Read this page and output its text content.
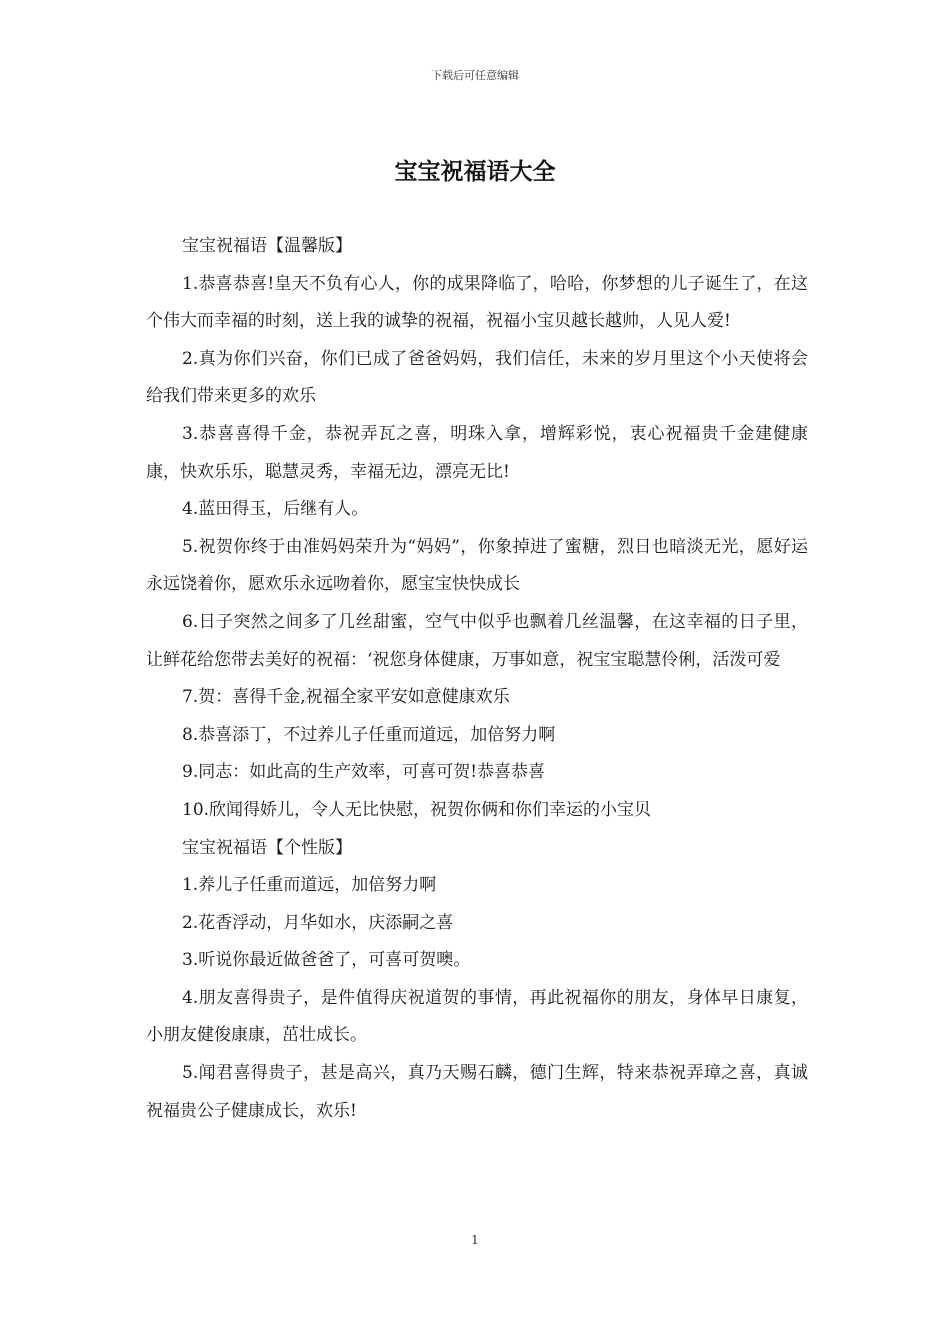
下载后可任意编辑
宝宝祝福语大全

宝宝祝福语【温馨版】

1.恭喜恭喜!皇天不负有心人，你的成果降临了，哈哈，你梦想的儿子诞生了，在这个伟大而幸福的时刻，送上我的诚挚的祝福，祝福小宝贝越长越帅，人见人爱!

2.真为你们兴奋，你们已成了爸爸妈妈，我们信任，未来的岁月里这个小天使将会给我们带来更多的欢乐

3.恭喜喜得千金，恭祝弄瓦之喜，明珠入拿，增辉彩悦，衷心祝福贵千金建健康康，快欢乐乐，聪慧灵秀，幸福无边，漂亮无比!

4.蓝田得玉，后继有人。

5.祝贺你终于由准妈妈荣升为“妈妈”，你象掉进了蜜糖，烈日也暗淡无光，愿好运永远饶着你，愿欢乐永远吻着你，愿宝宝快快成长

6.日子突然之间多了几丝甜蜜，空气中似乎也飘着几丝温馨，在这幸福的日子里，让鲜花给您带去美好的祝福：‘祝您身体健康，万事如意，祝宝宝聪慧伶俐，活泼可爱

7.贺：喜得千金,祝福全家平安如意健康欢乐

8.恭喜添丁，不过养儿子任重而道远，加倍努力啊

9.同志：如此高的生产效率，可喜可贺!恭喜恭喜

10.欣闻得娇儿，令人无比快慰，祝贺你俩和你们幸运的小宝贝

宝宝祝福语【个性版】

1.养儿子任重而道远，加倍努力啊

2.花香浮动，月华如水，庆添嗣之喜

3.听说你最近做爸爸了，可喜可贺噢。

4.朋友喜得贵子，是件值得庆祝道贺的事情，再此祝福你的朋友，身体早日康复，小朋友健俊康康，茁壮成长。

5.闻君喜得贵子，甚是高兴，真乃天赐石麟，德门生辉，特来恭祝弄璋之喜，真诚祝福贵公子健康成长，欢乐!

1
